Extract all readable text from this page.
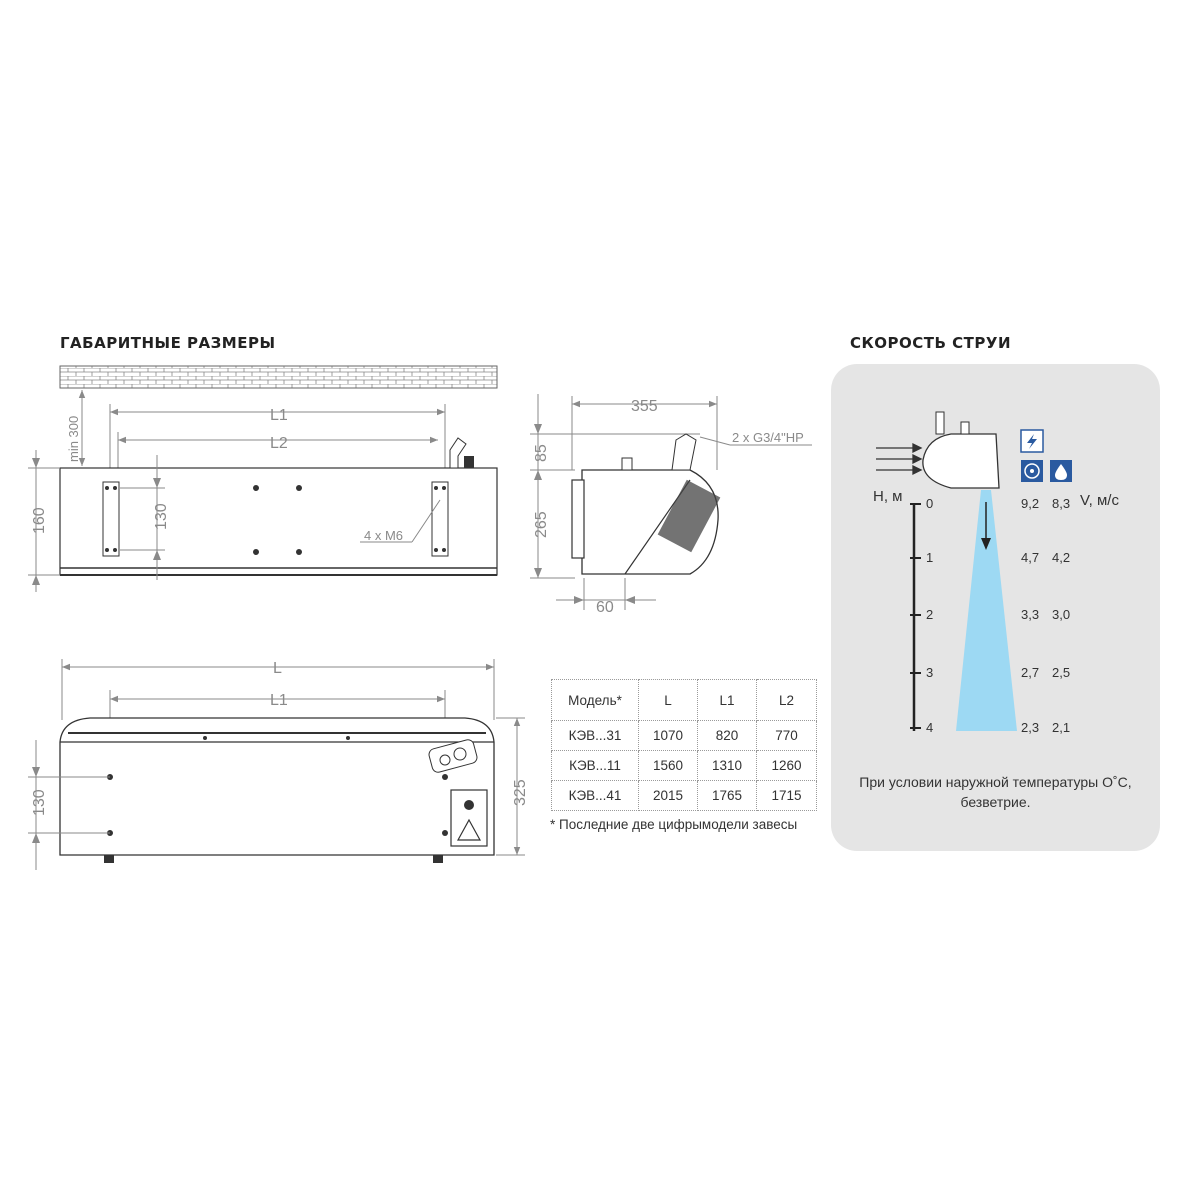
ГАБАРИТНЫЕ РАЗМЕРЫ	СКОРОСТЬ СТРУИ
min 300
L1
L2
160	130
4 x M6
355
85
265
2 x G3/4"НР
60
L
L1
130	325
Модель*	L	L1	L2
КЭВ...31	1070	820	770
КЭВ...11	1560	1310	1260
КЭВ...41	2015	1765	1715
* Последние две цифрымодели завесы
H, м	V, м/с
0
1
2
3
4
9,2 8,3
4,7 4,2
3,3 3,0
2,7 2,5
2,3 2,1
При условии наружной температуры О˚С,
безветрие.
